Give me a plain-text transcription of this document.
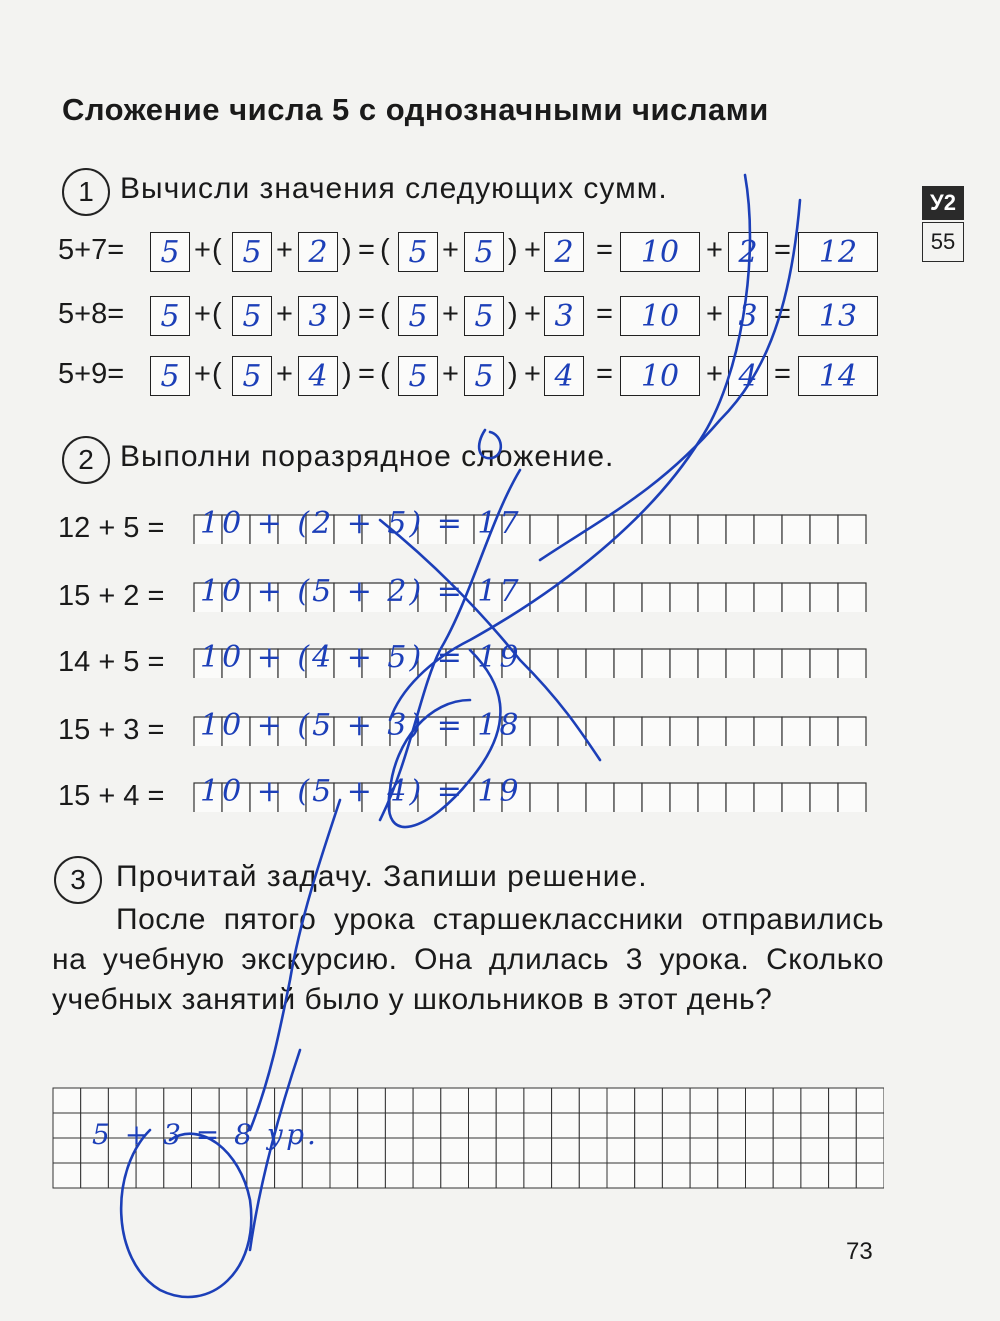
Сложение числа 5 с однозначными числами
У2
55
1 Вычисли значения следующих сумм.
5+7=	5 + ( 5 + 2 ) = ( 5 + 5 ) + 2 = 10 + 2 = 12
5+8=	5 + ( 5 + 3 ) = ( 5 + 5 ) + 3 = 10 + 3 = 13
5+9=	5 + ( 5 + 4 ) = ( 5 + 5 ) + 4 = 10 + 4 = 14
2 Выполни поразрядное сложение.
12 + 5 = 10 + (2 + 5) = 17
15 + 2 = 10 + (5 + 2) = 17
14 + 5 = 10 + (4 + 5) = 19
15 + 3 = 10 + (5 + 3) = 18
15 + 4 = 10 + (5 + 4) = 19
3	Прочитай задачу. Запиши решение.
После пятого урока старшеклассники отправились на учебную экскурсию. Она длилась 3 урока. Сколько учебных занятий было у школьников в этот день?
5 + 3 = 8 ур.
73
